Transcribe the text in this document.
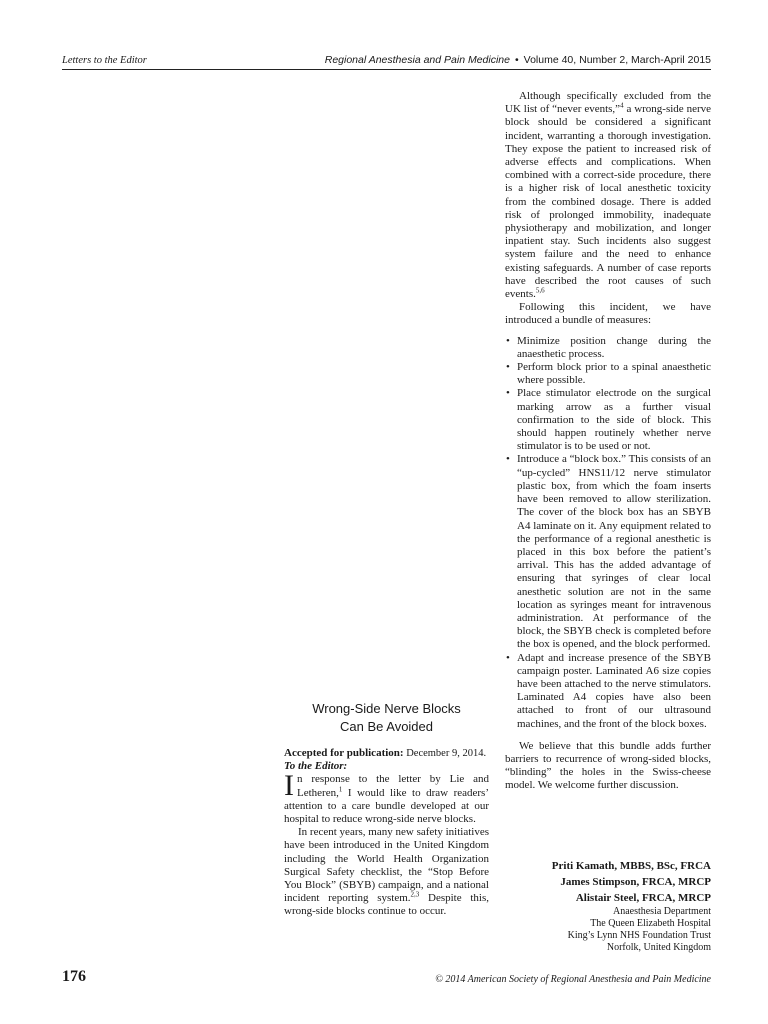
Letters to the Editor	Regional Anesthesia and Pain Medicine • Volume 40, Number 2, March-April 2015

Although specifically excluded from the UK list of “never events,”$^4$ a wrong-side nerve block should be considered a significant incident, warranting a thorough investigation. They expose the patient to increased risk of adverse effects and complications. When combined with a correct-side procedure, there is a higher risk of local anesthetic toxicity from the combined dosage. There is added risk of prolonged immobility, inadequate physiotherapy and mobilization, and longer inpatient stay. Such incidents also suggest system failure and the need to enhance existing safeguards. A number of case reports have described the root causes of such events.$^{5,6}$

Following this incident, we have introduced a bundle of measures:

• Minimize position change during the anaesthetic process.
• Perform block prior to a spinal anaesthetic where possible.
• Place stimulator electrode on the surgical marking arrow as a further visual confirmation to the side of block. This should happen routinely whether nerve stimulator is to be used or not.
• Introduce a “block box.” This consists of an “up-cycled” HNS11/12 nerve stimulator plastic box, from which the foam inserts have been removed to allow sterilization. The cover of the block box has an SBYB A4 laminate on it. Any equipment related to the performance of a regional anesthetic is placed in this box before the patient’s arrival. This has the added advantage of ensuring that syringes of clear local anesthetic solution are not in the same location as syringes meant for intravenous administration. At performance of the block, the SBYB check is completed before the box is opened, and the block performed.
• Adapt and increase presence of the SBYB campaign poster. Laminated A6 size copies have been attached to the nerve stimulators. Laminated A4 copies have also been attached to front of our ultrasound machines, and the front of the block boxes.

We believe that this bundle adds further barriers to recurrence of wrong-sided blocks, “blinding” the holes in the Swiss-cheese model. We welcome further discussion.

Wrong-Side Nerve Blocks
Can Be Avoided

Accepted for publication: December 9, 2014.

To the Editor:

In response to the letter by Lie and Letheren,$^1$ I would like to draw readers’ attention to a care bundle developed at our hospital to reduce wrong-side nerve blocks.

In recent years, many new safety initiatives have been introduced in the United Kingdom including the World Health Organization Surgical Safety checklist, the “Stop Before You Block” (SBYB) campaign, and a national incident reporting system.$^{2,3}$ Despite this, wrong-side blocks continue to occur.

Priti Kamath, MBBS, BSc, FRCA
James Stimpson, FRCA, MRCP
Alistair Steel, FRCA, MRCP
Anaesthesia Department
The Queen Elizabeth Hospital
King’s Lynn NHS Foundation Trust
Norfolk, United Kingdom
176	© 2014 American Society of Regional Anesthesia and Pain Medicine
